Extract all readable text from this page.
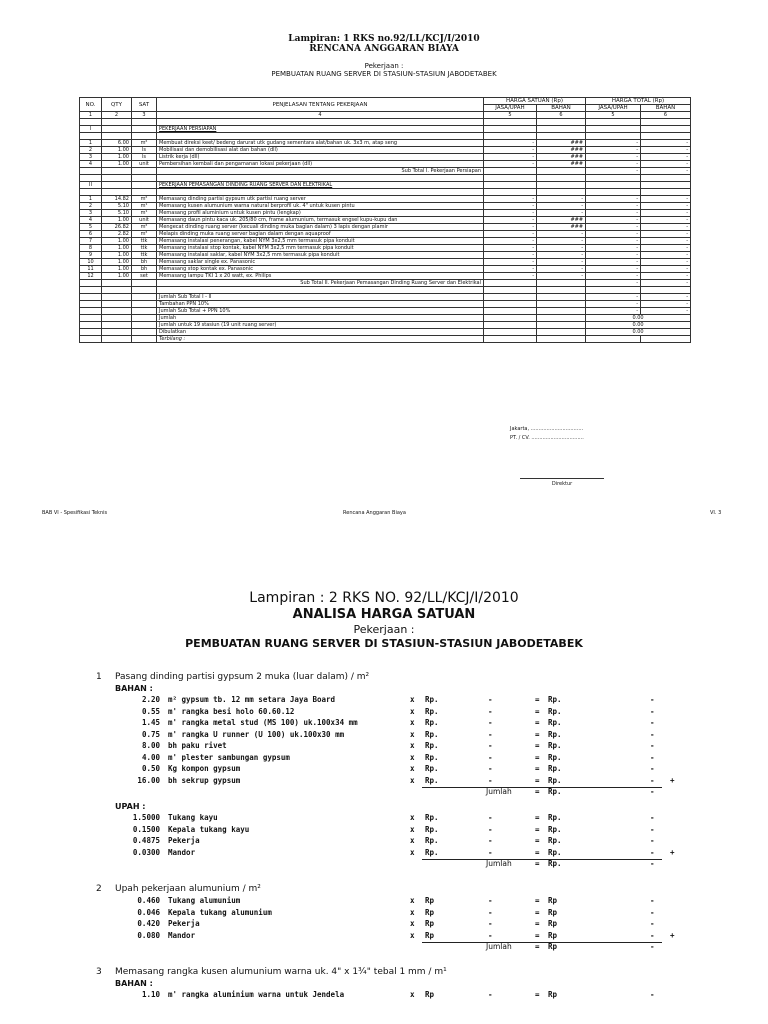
Lampiran: 1 RKS no.92/LL/KCJ/I/2010
RENCANA ANGGARAN BIAYA
Pekerjaan :
PEMBUATAN RUANG SERVER DI STASIUN-STASIUN JABODETABEK
NO.	QTY	SAT	PENJELASAN TENTANG PEKERJAAN	HARGA SATUAN (Rp)		HARGA TOTAL (Rp)	
				JASA/UPAH	BAHAN	JASA/UPAH	BAHAN
1	2	3	4	5	6	5	6

I			PEKERJAAN PERSIAPAN				

1	6.00	m²	Membuat direksi keet/ bedeng darurat utk gudang sementara alat/bahan uk. 3x3 m, atap seng	-	###	-	-
2	1.00	ls	Mobilisasi dan demobilisasi alat dan bahan (dll)	-	###	-	-
3	1.00	ls	Listrik kerja (dll)	-	###	-	-
4	1.00	unit	Pembersihan kembali dan pengamanan lokasi pekerjaan (dll)	-	###	-	-
			Sub Total I. Pekerjaan Persiapan			-	-

II			PEKERJAAN PEMASANGAN DINDING RUANG SERVER DAN ELEKTRIKAL				

1	14.82	m²	Memasang dinding partisi gypsum utk partisi ruang server	-	-	-	-
2	5.10	m¹	Memasang kusen alumunium warna natural berprofil uk. 4" untuk kusen pintu	-	-	-	-
3	5.10	m¹	Memasang profil aluminium untuk kusen pintu (lengkap)	-	-	-	-
4	1.00	unit	Memasang daun pintu kaca uk. 205/80 cm, frame alumunium, termasuk engsel kupu-kupu dan	-	###	-	-
5	26.82	m²	Mengecat dinding ruang server (kecuali dinding muka bagian dalam) 3 lapis dengan plamir	-	###	-	-
6	2.82	m²	Melapis dinding muka ruang server bagian dalam dengan aquaproof	-	-	-	-
7	1.00	ttk	Memasang instalasi penerangan, kabel NYM 3x2,5 mm termasuk pipa konduit	-	-	-	-
8	1.00	ttk	Memasang instalasi stop kontak, kabel NYM 3x2,5 mm termasuk pipa konduit	-	-	-	-
9	1.00	ttk	Memasang instalasi saklar, kabel NYM 3x2,5 mm termasuk pipa konduit	-	-	-	-
10	1.00	bh	Memasang saklar single ex. Panasonic	-	-	-	-
11	1.00	bh	Memasang stop kontak ex. Panasonic	-	-	-	-
12	1.00	set	Memasang lampu TKI 1 x 20 watt, ex. Philips	-	-	-	-
			Sub Total II. Pekerjaan Pemasangan Dinding Ruang Server dan Elektrikal			-	-

			Jumlah Sub Total I - II			-	-
			Tambahan PPN 10%			-	-
			Jumlah Sub Total + PPN 10%			-	-
			Jumlah			0.00	
			Jumlah untuk 19 stasiun (19 unit ruang server)			0.00	
			Dibulatkan			0.00	
			Terbilang :				
Jakarta, .................................
PT. / CV. .................................
Direktur
BAB VI - Spesifikasi Teknis	Rencana Anggaran Biaya	VI. 3
Lampiran : 2 RKS NO. 92/LL/KCJ/I/2010
ANALISA HARGA SATUAN
Pekerjaan :
PEMBUATAN RUANG SERVER DI STASIUN-STASIUN JABODETABEK
1 Pasang dinding partisi gypsum 2 muka (luar dalam) / m²
BAHAN :
2.20 m² gypsum tb. 12 mm setara Jaya Board	x Rp.	-	= Rp.	-
0.55 m' rangka besi holo 60.60.12	x Rp.	-	= Rp.	-
1.45 m' rangka metal stud (MS 100) uk.100x34 mm	x Rp.	-	= Rp.	-
0.75 m' rangka U runner (U 100) uk.100x30 mm	x Rp.	-	= Rp.	-
8.00 bh paku rivet	x Rp.	-	= Rp.	-
4.00 m' plester sambungan gypsum	x Rp.	-	= Rp.	-
0.50 Kg kompon gypsum	x Rp.	-	= Rp.	-
16.00 bh sekrup gypsum	x Rp.	-	= Rp.	- +
Jumlah	= Rp.	-
UPAH :
1.5000 Tukang kayu	x Rp.	-	= Rp.	-
0.1500 Kepala tukang kayu	x Rp.	-	= Rp.	-
0.4875 Pekerja	x Rp.	-	= Rp.	-
0.0300 Mandor	x Rp.	-	= Rp.	- +
Jumlah	= Rp.	-
2 Upah pekerjaan alumunium / m²
0.460 Tukang alumunium	x Rp	-	= Rp	-
0.046 Kepala tukang alumunium	x Rp	-	= Rp	-
0.420 Pekerja	x Rp	-	= Rp	-
0.080 Mandor	x Rp	-	= Rp	- +
Jumlah	= Rp	-
3 Memasang rangka kusen alumunium warna uk. 4" x 1¾" tebal 1 mm / m¹
BAHAN :
1.10 m' rangka aluminium warna untuk Jendela	x Rp	-	= Rp	-
